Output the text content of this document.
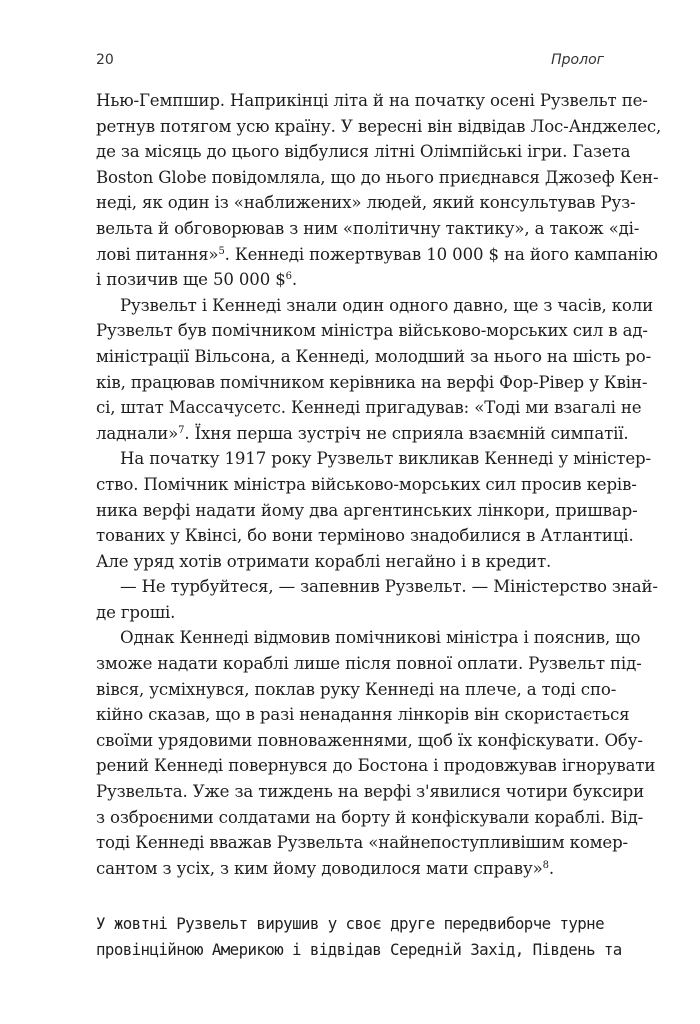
20	Пролог
Нью-Гемпшир. Наприкінці літа й на початку осені Рузвельт пе-
ретнув потягом усю країну. У вересні він відвідав Лос-Анджелес,
де за місяць до цього відбулися літні Олімпійські ігри. Газета
Boston Globe повідомляла, що до нього приєднався Джозеф Кен-
неді, як один із «наближених» людей, який консультував Руз-
вельта й обговорював з ним «політичну тактику», а також «ді-
лові питання»$^5$. Кеннеді пожертвував 10 000 $ на його кампанію
і позичив ще 50 000 \$$^6$.
Рузвельт і Кеннеді знали один одного давно, ще з часів, коли
Рузвельт був помічником міністра військово-морських сил в ад-
міністрації Вільсона, а Кеннеді, молодший за нього на шість ро-
ків, працював помічником керівника на верфі Фор-Рівер у Квін-
сі, штат Массачусетс. Кеннеді пригадував: «Тоді ми взагалі не
ладнали»$^7$. Їхня перша зустріч не сприяла взаємній симпатії.
На початку 1917 року Рузвельт викликав Кеннеді у міністер-
ство. Помічник міністра військово-морських сил просив керів-
ника верфі надати йому два аргентинських лінкори, пришвар-
тованих у Квінсі, бо вони терміново знадобилися в Атлантиці.
Але уряд хотів отримати кораблі негайно і в кредит.
— Не турбуйтеся, — запевнив Рузвельт. — Міністерство знай-
де гроші.
Однак Кеннеді відмовив помічникові міністра і пояснив, що
зможе надати кораблі лише після повної оплати. Рузвельт під-
вівся, усміхнувся, поклав руку Кеннеді на плече, а тоді спо-
кійно сказав, що в разі ненадання лінкорів він скористається
своїми урядовими повноваженнями, щоб їх конфіскувати. Обу-
рений Кеннеді повернувся до Бостона і продовжував ігнорувати
Рузвельта. Уже за тиждень на верфі з'явилися чотири буксири
з озброєними солдатами на борту й конфіскували кораблі. Від-
тоді Кеннеді вважав Рузвельта «найнепоступливішим комер-
сантом з усіх, з ким йому доводилося мати справу»$^8$.
У жовтні Рузвельт вирушив у своє друге передвиборче турне
провінційною Америкою і відвідав Середній Захід, Південь та
